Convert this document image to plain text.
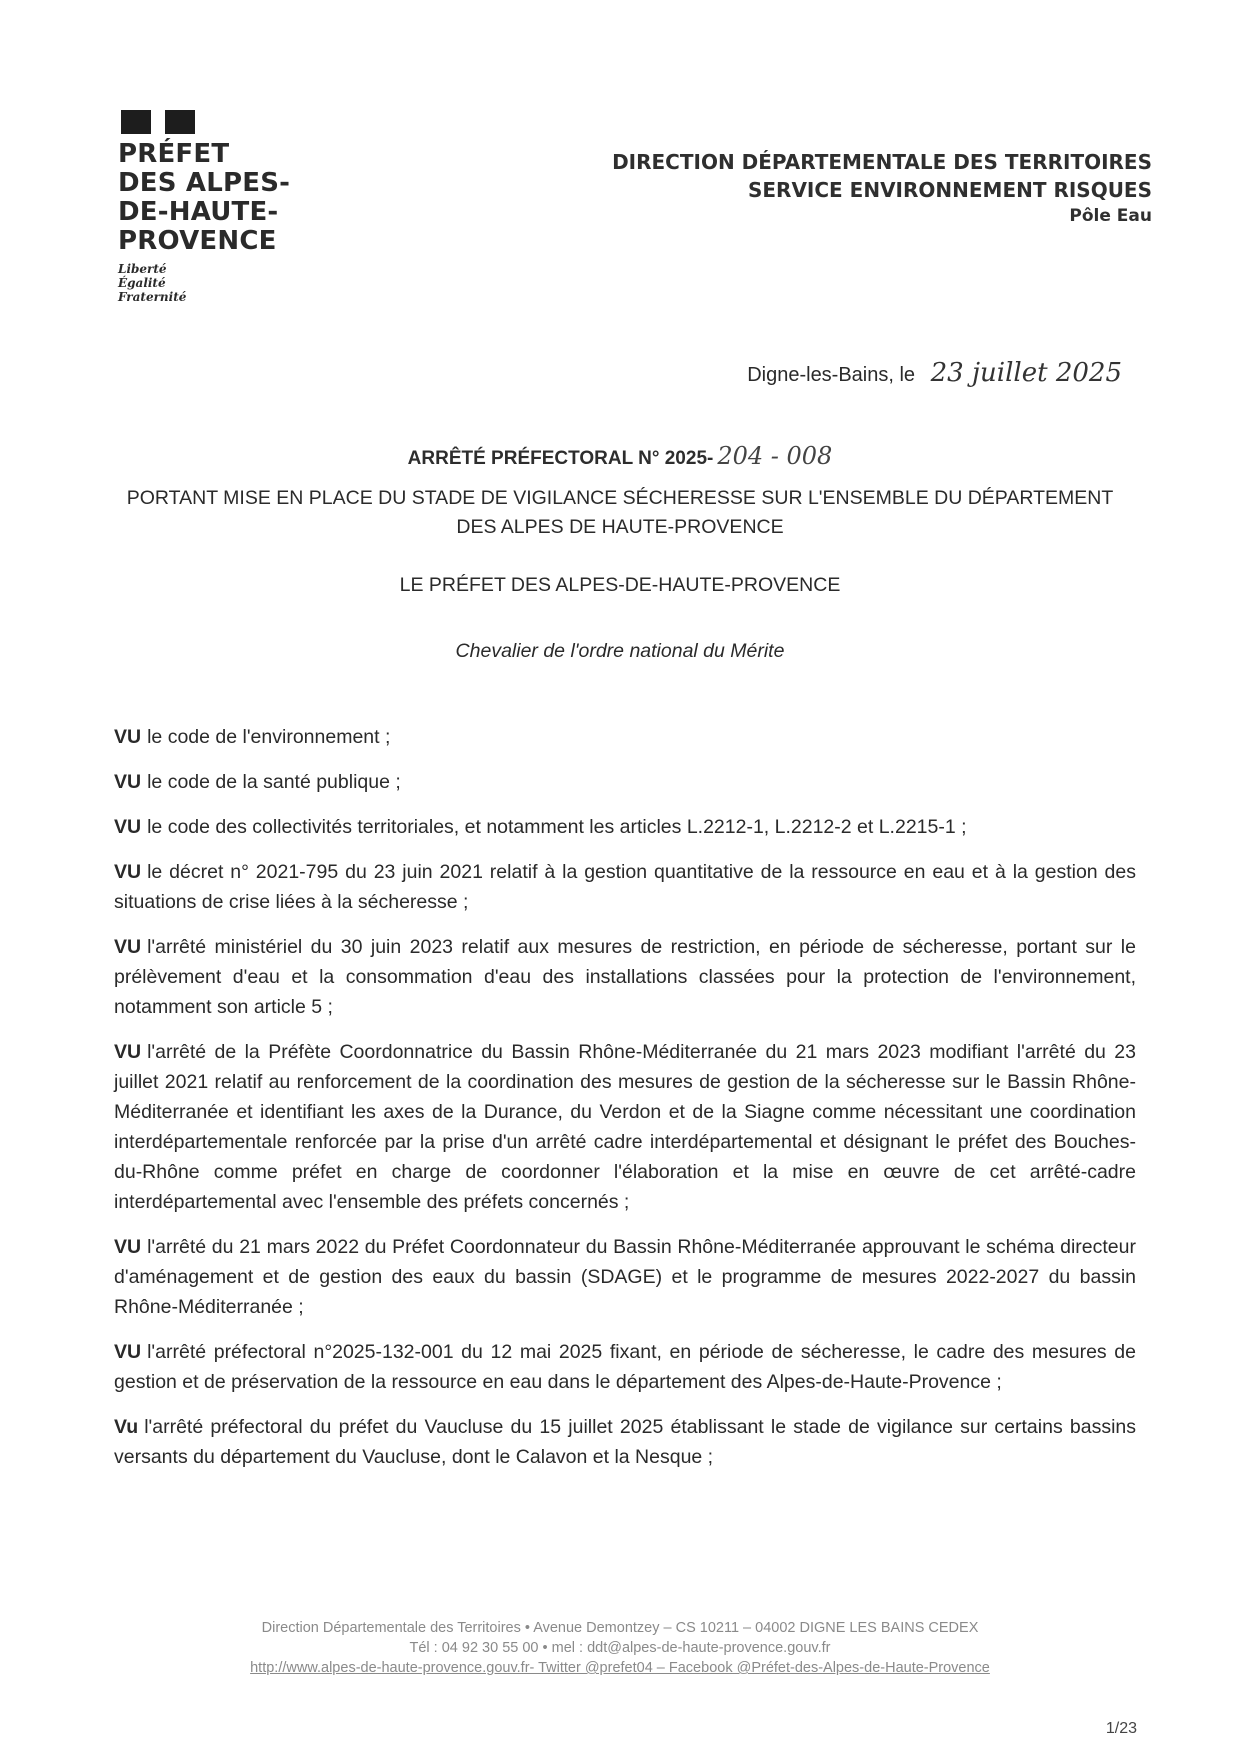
PRÉFET
DES ALPES-
DE-HAUTE-
PROVENCE
Liberté
Égalité
Fraternité
DIRECTION DÉPARTEMENTALE DES TERRITOIRES
SERVICE ENVIRONNEMENT RISQUES
Pôle Eau
Digne-les-Bains, le 23 juillet 2025
ARRÊTÉ PRÉFECTORAL N° 2025- 204 - 008
PORTANT MISE EN PLACE DU STADE DE VIGILANCE SÉCHERESSE SUR L'ENSEMBLE DU DÉPARTEMENT DES ALPES DE HAUTE-PROVENCE
LE PRÉFET DES ALPES-DE-HAUTE-PROVENCE
Chevalier de l'ordre national du Mérite

VU le code de l'environnement ;

VU le code de la santé publique ;

VU le code des collectivités territoriales, et notamment les articles L.2212-1, L.2212-2 et L.2215-1 ;

VU le décret n° 2021-795 du 23 juin 2021 relatif à la gestion quantitative de la ressource en eau et à la gestion des situations de crise liées à la sécheresse ;

VU l'arrêté ministériel du 30 juin 2023 relatif aux mesures de restriction, en période de sécheresse, portant sur le prélèvement d'eau et la consommation d'eau des installations classées pour la protection de l'environnement, notamment son article 5 ;

VU l'arrêté de la Préfète Coordonnatrice du Bassin Rhône-Méditerranée du 21 mars 2023 modifiant l'arrêté du 23 juillet 2021 relatif au renforcement de la coordination des mesures de gestion de la sécheresse sur le Bassin Rhône-Méditerranée et identifiant les axes de la Durance, du Verdon et de la Siagne comme nécessitant une coordination interdépartementale renforcée par la prise d'un arrêté cadre interdépartemental et désignant le préfet des Bouches-du-Rhône comme préfet en charge de coordonner l'élaboration et la mise en œuvre de cet arrêté-cadre interdépartemental avec l'ensemble des préfets concernés ;

VU l'arrêté du 21 mars 2022 du Préfet Coordonnateur du Bassin Rhône-Méditerranée approuvant le schéma directeur d'aménagement et de gestion des eaux du bassin (SDAGE) et le programme de mesures 2022-2027 du bassin Rhône-Méditerranée ;

VU l'arrêté préfectoral n°2025-132-001 du 12 mai 2025 fixant, en période de sécheresse, le cadre des mesures de gestion et de préservation de la ressource en eau dans le département des Alpes-de-Haute-Provence ;

Vu l'arrêté préfectoral du préfet du Vaucluse du 15 juillet 2025 établissant le stade de vigilance sur certains bassins versants du département du Vaucluse, dont le Calavon et la Nesque ;

Direction Départementale des Territoires • Avenue Demontzey – CS 10211 – 04002 DIGNE LES BAINS CEDEX
Tél : 04 92 30 55 00 • mel : ddt@alpes-de-haute-provence.gouv.fr
http://www.alpes-de-haute-provence.gouv.fr- Twitter @prefet04 – Facebook @Préfet-des-Alpes-de-Haute-Provence
1/23
